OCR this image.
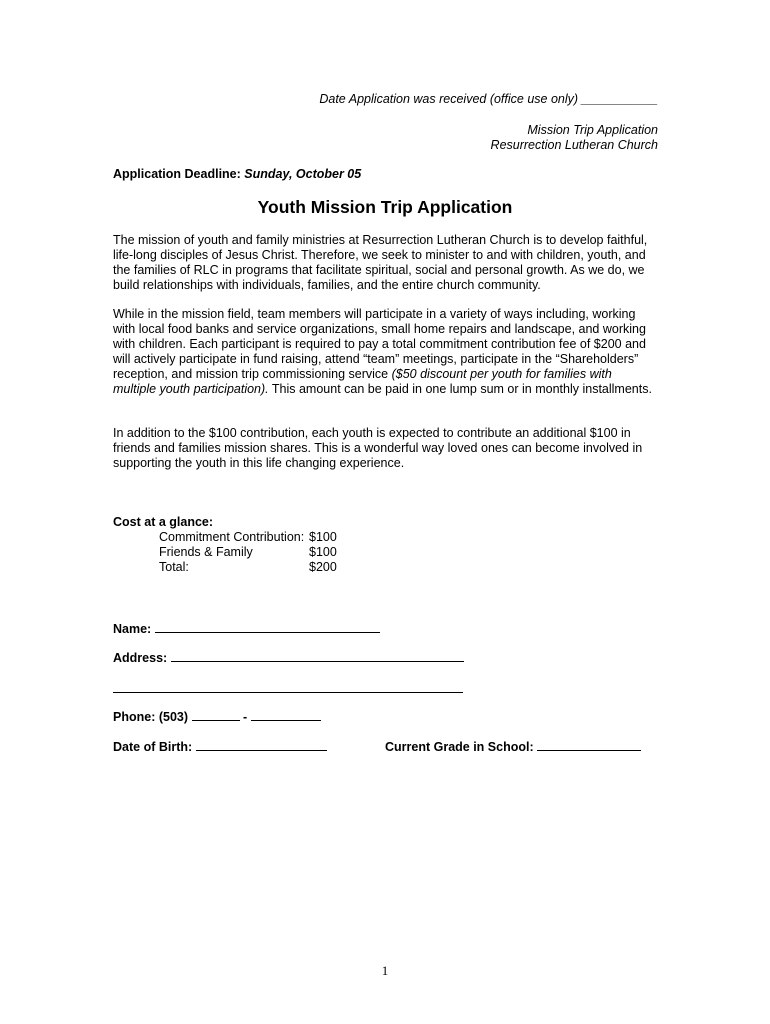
Date Application was received (office use only) ___________
Mission Trip Application
Resurrection Lutheran Church
Application Deadline: Sunday, October 05
Youth Mission Trip Application

The mission of youth and family ministries at Resurrection Lutheran Church is to develop faithful, life-long disciples of Jesus Christ. Therefore, we seek to minister to and with children, youth, and the families of RLC in programs that facilitate spiritual, social and personal growth. As we do, we build relationships with individuals, families, and the entire church community.

While in the mission field, team members will participate in a variety of ways including, working with local food banks and service organizations, small home repairs and landscape, and working with children. Each participant is required to pay a total commitment contribution fee of $200 and will actively participate in fund raising, attend “team” meetings, participate in the “Shareholders” reception, and mission trip commissioning service ($50 discount per youth for families with multiple youth participation). This amount can be paid in one lump sum or in monthly installments.

In addition to the $100 contribution, each youth is expected to contribute an additional $100 in friends and families mission shares. This is a wonderful way loved ones can become involved in supporting the youth in this life changing experience.

Cost at a glance:
Commitment Contribution: $100
Friends & Family	$100
Total:	$200
Name:
Address:
Phone: (503)	-
Date of Birth:	Current Grade in School:
1
